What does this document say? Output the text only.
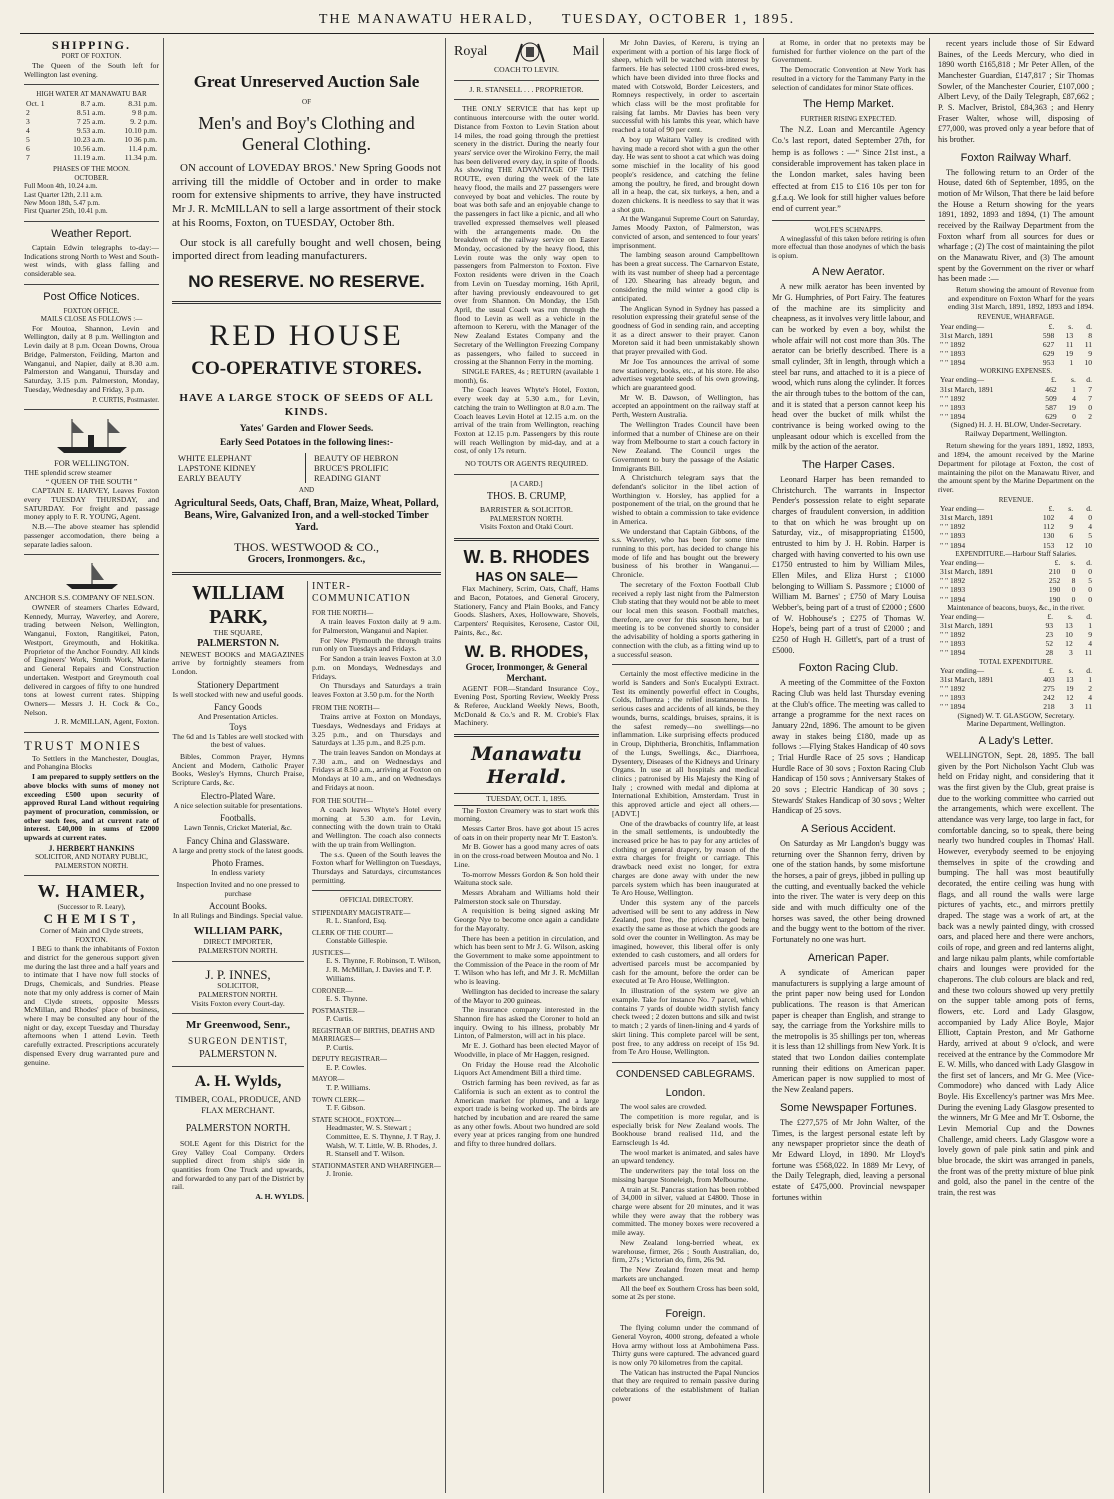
THE MANAWATU HERALD, TUESDAY, OCTOBER 1, 1895.
SHIPPING.
PORT OF FOXTON.

The Queen of the South left for Wellington last evening.

HIGH WATER AT MANAWATU BAR
Oct. 1	8.7 a.m.	8.31 p.m.
2	8.51 a.m.	9 8 p.m.
3	7 25 a.m.	9. 2 p.m.
4	9.53 a.m.	10.10 p.m.
5	10.23 a.m.	10 36 p.m.
6	10.56 a.m.	11.4 p.m.
7	11.19 a.m.	11.34 p.m.
PHASES OF THE MOON.
OCTOBER.
Full Moon 4th, 10.24 a.m.
Last Quarter 12th, 2.11 a.m.
New Moon 18th, 5.47 p.m.
First Quarter 25th, 10.41 p.m.
Weather Report.

Captain Edwin telegraphs to-day:—Indications strong North to West and South-west winds, with glass falling and considerable sea.

Post Office Notices.
FOXTON OFFICE.
MAILS CLOSE AS FOLLOWS :—

For Moutoa, Shannon, Levin and Wellington, daily at 8 p.m. Wellington and Levin daily at 8 p.m. Ocean Downs, Oroua Bridge, Palmerston, Feilding, Marton and Wanganui, and Napier, daily at 8.30 a.m. Palmerston and Wanganui, Thursday and Saturday, 3.15 p.m. Palmerston, Monday, Tuesday, Wednesday and Friday, 3 p.m.

P. CURTIS, Postmaster.
FOR WELLINGTON.
THE splendid screw steamer
“ QUEEN OF THE SOUTH ”

CAPTAIN E. HARVEY, Leaves Foxton every TUESDAY THURSDAY, and SATURDAY. For freight and passage money apply to F. R. YOUNG, Agent.

N.B.—The above steamer has splendid passenger accomodation, there being a separate ladies saloon.

ANCHOR S.S. COMPANY OF NELSON.

OWNER of steamers Charles Edward, Kennedy, Murray, Waverley, and Aorere, trading between Nelson, Wellington, Wanganui, Foxton, Rangitikei, Paton, Westport, Greymouth, and Hokitika. Proprietor of the Anchor Foundry. All kinds of Engineers' Work, Smith Work, Marine and General Repairs and Construction undertaken. Westport and Greymouth coal delivered in cargoes of fifty to one hundred tons at lowest current rates. Shipping Owners— Messrs J. H. Cock & Co., Nelson.

J. R. McMILLAN, Agent, Foxton.
TRUST MONIES

To Settlers in the Manchester, Douglas, and Pohangina Blocks

I am prepared to supply settlers on the above blocks with sums of money not exceeding £500 upon security of approved Rural Land without requiring payment of procuration, commission, or other such fees, and at current rate of interest. £40,000 in sums of £2000 upwards at current rates.

J. HERBERT HANKINS
SOLICITOR, AND NOTARY PUBLIC, PALMERSTON NORTH.
W. HAMER,
(Successor to R. Leary),
CHEMIST,
Corner of Main and Clyde streets, FOXTON.

I BEG to thank the inhabitants of Foxton and district for the generous support given me during the last three and a half years and to intimate that I have now full stocks of Drugs, Chemicals, and Sundries. Please note that my only address is corner of Main and Clyde streets, opposite Messrs McMillan, and Rhodes' place of business, where I may be consulted any hour of the night or day, except Tuesday and Thursday afternoons when I attend Levin. Teeth carefully extracted. Prescriptions accurately dispensed Every drug warranted pure and genuine.

Great Unreserved Auction Sale
OF
Men's and Boy's Clothing and General Clothing.

ON account of LOVEDAY BROS.' New Spring Goods not arriving till the middle of October and in order to make room for extensive shipments to arrive, they have instructed Mr J. R. McMILLAN to sell a large assortment of their stock at his Rooms, Foxton, on TUESDAY, October 8th.

Our stock is all carefully bought and well chosen, being imported direct from leading manufacturers.

NO RESERVE. NO RESERVE.
RED HOUSE
CO-OPERATIVE STORES.
HAVE A LARGE STOCK OF SEEDS OF ALL KINDS.
Yates' Garden and Flower Seeds.
Early Seed Potatoes in the following lines:-
WHITE ELEPHANT
LAPSTONE KIDNEY
EARLY BEAUTY
BEAUTY OF HEBRON
BRUCE'S PROLIFIC
READING GIANT
AND
Agricultural Seeds, Oats, Chaff, Bran, Maize, Wheat, Pollard, Beans, Wire, Galvanized Iron, and a well-stocked Timber Yard.
THOS. WESTWOOD & CO.,
Grocers, Ironmongers. &c.,
WILLIAM PARK,
THE SQUARE,
PALMERSTON N.

NEWEST BOOKS and MAGAZINES arrive by fortnightly steamers from London.

Stationery Department
Is well stocked with new and useful goods.
Fancy Goods
And Presentation Articles.
Toys
The 6d and 1s Tables are well stocked with the best of values.

Bibles, Common Prayer, Hymns Ancient and Modern, Catholic Prayer Books, Wesley's Hymns, Church Praise, Scripture Cards, &c.

Electro-Plated Ware.
A nice selection suitable for presentations.
Footballs.
Lawn Tennis, Cricket Material, &c.
Fancy China and Glassware.
A large and pretty stock of the latest goods.
Photo Frames.
In endless variety
Inspection Invited and no one pressed to purchase
Account Books.
In all Rulings and Bindings. Special value.
WILLIAM PARK,
DIRECT IMPORTER,
PALMERSTON NORTH.
J. P. INNES,
SOLICITOR,
PALMERSTON NORTH.
Visits Foxton every Court-day.
Mr Greenwood, Senr.,
SURGEON DENTIST,
PALMERSTON N.
A. H. Wylds,
TIMBER, COAL, PRODUCE, AND FLAX MERCHANT.
PALMERSTON NORTH.

SOLE Agent for this District for the Grey Valley Coal Company. Orders supplied direct from ship's side in quantities from One Truck and upwards, and forwarded to any part of the District by rail.

A. H. WYLDS.
INTER-COMMUNICATION
FOR THE NORTH—

A train leaves Foxton daily at 9 a.m. for Palmerston, Wanganui and Napier.

For New Plymouth the through trains run only on Tuesdays and Fridays.

For Sandon a train leaves Foxton at 3.0 p.m. on Mondays, Wednesdays and Fridays.

On Thursdays and Saturdays a train leaves Foxton at 3.50 p.m. for the North

FROM THE NORTH—

Trains arrive at Foxton on Mondays, Tuesdays, Wednesdays and Fridays at 3.25 p.m., and on Thursdays and Saturdays at 1.35 p.m., and 8.25 p.m.

The train leaves Sandon on Mondays at 7.30 a.m., and on Wednesdays and Fridays at 8.50 a.m., arriving at Foxton on Mondays at 10 a.m., and on Wednesdays and Fridays at noon.

FOR THE SOUTH—

A coach leaves Whyte's Hotel every morning at 5.30 a.m. for Levin, connecting with the down train to Otaki and Wellington. The coach also connects with the up train from Wellington.

The s.s. Queen of the South leaves the Foxton wharf for Wellington on Tuesdays, Thursdays and Saturdays, circumstances permitting.

OFFICIAL DIRECTORY.
STIPENDIARY MAGISTRATE—
R. L. Stanford, Esq.
CLERK OF THE COURT—
Constable Gillespie.
JUSTICES—
E. S. Thynne, F. Robinson, T. Wilson, J. R. McMillan, J. Davies and T. P. Williams.
CORONER—
E. S. Thynne.
POSTMASTER—
P. Curtis.
REGISTRAR OF BIRTHS, DEATHS AND MARRIAGES—
P. Curtis.
DEPUTY REGISTRAR—
E. P. Cowles.
MAYOR—
T. P. Williams.
TOWN CLERK—
T. F. Gibson.
STATE SCHOOL, FOXTON—
Headmaster, W. S. Stewart ; Committee, E. S. Thynne, J. T Ray, J. Walsh, W. T. Little, W. B. Rhodes, J. R. Stansell and T. Wilson.
STATIONMASTER AND WHARFINGER—
J. Ironie.
Royal	Mail
COACH TO LEVIN.
J. R. STANSELL . . . PROPRIETOR.

THE ONLY SERVICE that has kept up continuous intercourse with the outer world. Distance from Foxton to Levin Station about 14 miles, the road going through the prettiest scenery in the district. During the nearly four years' service over the Wirokino Ferry, the mail has been delivered every day, in spite of floods. As showing THE ADVANTAGE OF THIS ROUTE, even during the week of the late heavy flood, the mails and 27 passengers were conveyed by boat and vehicles. The route by boat was both safe and an enjoyable change to the passengers in fact like a picnic, and all who travelled expressed themselves well pleased with the arrangements made. On the breakdown of the railway service on Easter Monday, occasioned by the heavy flood, this Levin route was the only way open to passengers from Palmerston to Foxton. Five Foxton residents were driven in the Coach from Levin on Tuesday morning, 16th April, after having previously endeavoured to get over from Shannon. On Monday, the 15th April, the usual Coach was run through the flood to Levin as well as a vehicle in the afternoon to Kereru, with the Manager of the New Zealand Estates Company and the Secretary of the Wellington Freezing Company as passengers, who failed to succeed in crossing at the Shannon Ferry in the morning.

SINGLE FARES, 4s ; RETURN (available 1 month), 6s.

The Coach leaves Whyte's Hotel, Foxton, every week day at 5.30 a.m., for Levin, catching the train to Wellington at 8.0 a.m. The Coach leaves Levin Hotel at 12.15 a.m. on the arrival of the train from Wellington, reaching Foxton at 12.15 p.m. Passengers by this route will reach Wellington by mid-day, and at a cost, of only 17s return.

NO TOUTS OR AGENTS REQUIRED.
[A CARD.]
THOS. B. CRUMP,
BARRISTER & SOLICITOR.
PALMERSTON NORTH.
Visits Foxton and Otaki Court.
W. B. RHODES
HAS ON SALE—

Flax Machinery, Scrim, Oats, Chaff, Hams and Bacon, Potatoes, and General Grocery, Stationery, Fancy and Plain Books, and Fancy Goods. Slashers, Axes, Hollowware, Shovels, Carpenters' Requisites, Kerosene, Castor Oil, Paints, &c., &c.

W. B. RHODES,
Grocer, Ironmonger, & General Merchant.

AGENT FOR—Standard Insurance Coy., Evening Post, Sporting Review, Weekly Press & Referee, Auckland Weekly News, Booth, McDonald & Co.'s and R. M. Crobie's Flax Machinery.

Manawatu Herald.
TUESDAY, OCT. 1, 1895.

The Foxton Creamery was to start work this morning.

Messrs Carter Bros. have got about 15 acres of oats in on their property near Mr T. Easton's.

Mr B. Gower has a good many acres of oats in on the cross-road between Moutoa and No. 1 Line.

To-morrow Messrs Gordon & Son hold their Waituna stock sale.

Messrs Abraham and Williams hold their Palmerston stock sale on Thursday.

A requisition is being signed asking Mr George Nye to become once again a candidate for the Mayoralty.

There has been a petition in circulation, and which has been sent to Mr J. G. Wilson, asking the Government to make some appointment to the Commission of the Peace in the room of Mr T. Wilson who has left, and Mr J. R. McMillan who is leaving.

Wellington has decided to increase the salary of the Mayor to 200 guineas.

The insurance company interested in the Shannon fire has asked the Coroner to hold an inquiry. Owing to his illness, probably Mr Linton, of Palmerston, will act in his place.

Mr E. J. Gothard has been elected Mayor of Woodville, in place of Mr Haggen, resigned.

On Friday the House read the Alcoholic Liquors Act Amendment Bill a third time.

Ostrich farming has been revived, as far as California is such an extent as to control the American market for plumes, and a large export trade is being worked up. The birds are hatched by incubation and are reared the same as any other fowls. About two hundred are sold every year at prices ranging from one hundred and fifty to three hundred dollars.

Mr John Davies, of Kereru, is trying an experiment with a portion of his large flock of sheep, which will be watched with interest by farmers. He has selected 1100 cross-bred ewes, which have been divided into three flocks and mated with Cotswold, Border Leicesters, and Romneys respectively, in order to ascertain which class will be the most profitable for raising fat lambs. Mr Davies has been very successful with his lambs this year, which have reached a total of 90 per cent.

A boy up Waitaru Valley is credited with having made a record shot with a gun the other day. He was sent to shoot a cat which was doing some mischief in the locality of his good people's residence, and catching the feline among the poultry, he fired, and brought down all in a heap, the cat, six turkeys, a hen, and a dozen chickens. It is needless to say that it was a shot gun.

At the Wanganui Supreme Court on Saturday, James Moody Paxton, of Palmerston, was convicted of arson, and sentenced to four years' imprisonment.

The lambing season around Campbelltown has been a great success. The Carnarvon Estate, with its vast number of sheep had a percentage of 120. Shearing has already begun, and considering the mild winter a good clip is anticipated.

The Anglican Synod in Sydney has passed a resolution expressing their grateful sense of the goodness of God in sending rain, and accepting it as a direct answer to their prayer. Canon Moreton said it had been unmistakably shown that prayer prevailed with God.

Mr Joe Tos announces the arrival of some new stationery, books, etc., at his store. He also advertises vegetable seeds of his own growing, which are guaranteed good.

Mr W. B. Dawson, of Wellington, has accepted an appointment on the railway staff at Perth, Western Australia.

The Wellington Trades Council have been informed that a number of Chinese are on their way from Melbourne to start a couch factory in New Zealand. The Council urges the Government to bury the passage of the Asiatic Immigrants Bill.

A Christchurch telegram says that the defendant's solicitor in the libel action of Worthington v. Horsley, has applied for a postponement of the trial, on the ground that he wished to obtain a commission to take evidence in America.

We understand that Captain Gibbons, of the s.s. Waverley, who has been for some time running to this port, has decided to change his mode of life and has bought out the brewery business of his brother in Wanganui.—Chronicle.

The secretary of the Foxton Football Club received a reply last night from the Palmerston Club stating that they would not be able to meet our local men this season. Football matches, therefore, are over for this season here, but a meeting is to be convened shortly to consider the advisability of holding a sports gathering in connection with the club, as a fitting wind up to a successful season.

Certainly the most effective medicine in the world is Sanders and Son's Eucalypti Extract. Test its eminently powerful effect in Coughs, Colds, Influenza ; the relief instantaneous. In serious cases and accidents of all kinds, be they wounds, burns, scaldings, bruises, sprains, it is the safest remedy—no swellings—no inflammation. Like surprising effects produced in Croup, Diphtheria, Bronchitis, Inflammation of the Lungs, Swellings, &c., Diarrhoea, Dysentery, Diseases of the Kidneys and Urinary Organs. In use at all hospitals and medical clinics ; patronised by His Majesty the King of Italy ; crowned with medal and diploma at International Exhibition, Amsterdam. Trust in this approved article and eject all others.—[ADVT.]

One of the drawbacks of country life, at least in the small settlements, is undoubtedly the increased price he has to pay for any articles of clothing or general drapery, by reason of the extra charges for freight or carriage. This drawback need exist no longer, for extra charges are done away with under the new parcels system which has been inaugurated at Te Aro House, Wellington.

Under this system any of the parcels advertised will be sent to any address in New Zealand, post free, the prices charged being exactly the same as those at which the goods are sold over the counter in Wellington. As may be imagined, however, this liberal offer is only extended to cash customers, and all orders for advertised parcels must be accompanied by cash for the amount, before the order can be executed at Te Aro House, Wellington.

In illustration of the system we give an example. Take for instance No. 7 parcel, which contains 7 yards of double width stylish fancy check tweed ; 2 dozen buttons and silk and twist to match ; 2 yards of linen-lining and 4 yards of skirt lining. This complete parcel will be sent, post free, to any address on receipt of 15s 9d. from Te Aro House, Wellington.

CONDENSED CABLEGRAMS.
London.

The wool sales are crowded.

The competition is more regular, and is especially brisk for New Zealand wools. The Bookhouse brand realised 11d, and the Earnscleugh 1s 4d.

The wool market is animated, and sales have an upward tendency.

The underwriters pay the total loss on the missing barque Stoneleigh, from Melbourne.

A train at St. Pancras station has been robbed of 34,000 in silver, valued at £4800. Those in charge were absent for 20 minutes, and it was while they were away that the robbery was committed. The money boxes were recovered a mile away.

New Zealand long-berried wheat, ex warehouse, firmer, 26s ; South Australian, do, firm, 27s ; Victorian do, firm, 26s 9d.

The New Zealand frozen meat and hemp markets are unchanged.

All the beef ex Southern Cross has been sold, some at 2s per stone.

Foreign.

The flying column under the command of General Voyron, 4000 strong, defeated a whole Hova army without loss at Ambohimena Pass. Thirty guns were captured. The advanced guard is now only 70 kilometres from the capital.

The Vatican has instructed the Papal Nuncios that they are required to remain passive during celebrations of the establishment of Italian power

at Rome, in order that no pretexts may be furnished for further violence on the part of the Government.

The Democratic Convention at New York has resulted in a victory for the Tammany Party in the selection of candidates for minor State offices.

The Hemp Market.
FURTHER RISING EXPECTED.

The N.Z. Loan and Mercantile Agency Co.'s last report, dated September 27th, for hemp is as follows : —“ Since 21st inst., a considerable improvement has taken place in the London market, sales having been effected at from £15 to £16 10s per ton for g.f.a.q. We look for still higher values before end of current year.”

WOLFE'S SCHNAPPS.

A wineglassful of this taken before retiring is often more effectual than those anodynes of which the basis is opium.

A New Aerator.

A new milk aerator has been invented by Mr G. Humphries, of Port Fairy. The features of the machine are its simplicity and cheapness, as it involves very little labour, and can be worked by even a boy, whilst the whole affair will not cost more than 30s. The aerator can be briefly described. There is a small cylinder, 3ft in length, through which a steel bar runs, and attached to it is a piece of wood, which runs along the cylinder. It forces the air through tubes to the bottom of the can, and it is stated that a person cannot keep his head over the bucket of milk whilst the contrivance is being worked owing to the unpleasant odour which is excelled from the milk by the action of the aerator.

The Harper Cases.

Leonard Harper has been remanded to Christchurch. The warrants in Inspector Pender's possession relate to eight separate charges of fraudulent conversion, in addition to that on which he was brought up on Saturday, viz., of misappropriating £1500, entrusted to him by J. H. Robin. Harper is charged with having converted to his own use £1750 entrusted to him by William Miles, Ellen Miles, and Eliza Hurst ; £1000 belonging to William S. Passmore ; £1000 of William M. Barnes' ; £750 of Mary Louisa Webber's, being part of a trust of £2000 ; £600 of W. Hobhouse's ; £275 of Thomas W. Hope's, being part of a trust of £2000 ; and £250 of Hugh H. Gillett's, part of a trust of £5000.

Foxton Racing Club.

A meeting of the Committee of the Foxton Racing Club was held last Thursday evening at the Club's office. The meeting was called to arrange a programme for the next races on January 22nd, 1896. The amount to be given away in stakes being £180, made up as follows :—Flying Stakes Handicap of 40 sovs ; Trial Hurdle Race of 25 sovs ; Handicap Hurdle Race of 30 sovs ; Foxton Racing Club Handicap of 150 sovs ; Anniversary Stakes of 20 sovs ; Electric Handicap of 30 sovs ; Stewards' Stakes Handicap of 30 sovs ; Welter Handicap of 25 sovs.

A Serious Accident.

On Saturday as Mr Langdon's buggy was returning over the Shannon ferry, driven by one of the station hands, by some misfortune the horses, a pair of greys, jibbed in pulling up the cutting, and eventually backed the vehicle into the river. The water is very deep on this side and with much difficulty one of the horses was saved, the other being drowned and the buggy went to the bottom of the river. Fortunately no one was hurt.

American Paper.

A syndicate of American paper manufacturers is supplying a large amount of the print paper now being used for London publications. The reason is that American paper is cheaper than English, and strange to say, the carriage from the Yorkshire mills to the metropolis is 35 shillings per ton, whereas it is less than 12 shillings from New York. It is stated that two London dailies contemplate running their editions on American paper. American paper is now supplied to most of the New Zealand papers.

Some Newspaper Fortunes.

The £277,575 of Mr John Walter, of the Times, is the largest personal estate left by any newspaper proprietor since the death of Mr Edward Lloyd, in 1890. Mr Lloyd's fortune was £568,022. In 1889 Mr Levy, of the Daily Telegraph, died, leaving a personal estate of £475,000. Provincial newspaper fortunes within

recent years include those of Sir Edward Baines, of the Leeds Mercury, who died in 1890 worth £165,818 ; Mr Peter Allen, of the Manchester Guardian, £147,817 ; Sir Thomas Sowler, of the Manchester Courier, £107,000 ; Albert Levy, of the Daily Telegraph, £87,662 ; P. S. Maclver, Bristol, £84,363 ; and Henry Fraser Walter, whose will, disposing of £77,000, was proved only a year before that of his brother.

Foxton Railway Wharf.

The following return to an Order of the House, dated 6th of September, 1895, on the motion of Mr Wilson, That there be laid before the House a Return showing for the years 1891, 1892, 1893 and 1894, (1) The amount received by the Railway Department from the Foxton wharf from all sources for dues or wharfage ; (2) The cost of maintaining the pilot on the Manawatu River, and (3) The amount spent by the Government on the river or wharf has been made :—

Return showing the amount of Revenue from and expenditure on Foxton Wharf for the years ending 31st March, 1891, 1892, 1893 and 1894.

REVENUE, WHARFAGE.
Year ending—	£.	s.	d.
31st March, 1891	598	13	8
" " 1892	627	11	11
" " 1893	629	19	9
" " 1894	953	1	10
WORKING EXPENSES.
Year ending—	£.	s.	d.
31st March, 1891	462	1	7
" " 1892	509	4	7
" " 1893	587	19	0
" " 1894	629	0	2
(Signed) H. J. H. BLOW, Under-Secretary.
Railway Department, Wellington.

Return shewing for the years 1891, 1892, 1893, and 1894, the amount received by the Marine Department for pilotage at Foxton, the cost of maintaining the pilot on the Manawatu River, and the amount spent by the Marine Department on the river.

REVENUE.
Year ending—	£.	s.	d.
31st March, 1891	102	4	0
" " 1892	112	9	4
" " 1893	130	6	5
" " 1894	153	12	10
EXPENDITURE.—Harbour Staff Salaries.
Year ending—	£.	s.	d.
31st March, 1891	210	0	0
" " 1892	252	8	5
" " 1893	190	0	0
" " 1894	190	0	0
Maintenance of beacons, buoys, &c., in the river.
Year ending—	£.	s.	d.
31st March, 1891	93	13	1
" " 1892	23	10	9
" " 1893	52	12	4
" " 1894	28	3	11
TOTAL EXPENDITURE.
Year ending—	£.	s.	d.
31st March, 1891	403	13	1
" " 1892	275	19	2
" " 1893	242	12	4
" " 1894	218	3	11
(Signed) W. T. GLASGOW, Secretary.
Marine Department, Wellington.
A Lady's Letter.

WELLINGTON, Sept. 28, 1895. The ball given by the Port Nicholson Yacht Club was held on Friday night, and considering that it was the first given by the Club, great praise is due to the working committee who carried out the arrangements, which were excellent. The attendance was very large, too large in fact, for comfortable dancing, so to speak, there being nearly two hundred couples in Thomas' Hall. However, everybody seemed to be enjoying themselves in spite of the crowding and bumping. The hall was most beautifully decorated, the entire ceiling was hung with flags, and all round the walls were large pictures of yachts, etc., and mirrors prettily draped. The stage was a work of art, at the back was a newly painted dingy, with crossed oars, and placed here and there were anchors, coils of rope, and green and red lanterns alight, and large nikau palm plants, while comfortable chairs and lounges were provided for the chaperons. The club colours are black and red, and these two colours showed up very prettily on the supper table among pots of ferns, flowers, etc. Lord and Lady Glasgow, accompanied by Lady Alice Boyle, Major Elliott, Captain Preston, and Mr Gathorne Hardy, arrived at about 9 o'clock, and were received at the entrance by the Commodore Mr E. W. Mills, who danced with Lady Glasgow in the first set of lancers, and Mr G. Mee (Vice-Commodore) who danced with Lady Alice Boyle. His Excellency's partner was Mrs Mee. During the evening Lady Glasgow presented to the winners, Mr G Mee and Mr T. Osborne, the Levin Memorial Cup and the Downes Challenge, amid cheers. Lady Glasgow wore a lovely gown of pale pink satin and pink and blue brocade, the skirt was arranged in panels, the front was of the pretty mixture of blue pink and gold, also the panel in the centre of the train, the rest was
